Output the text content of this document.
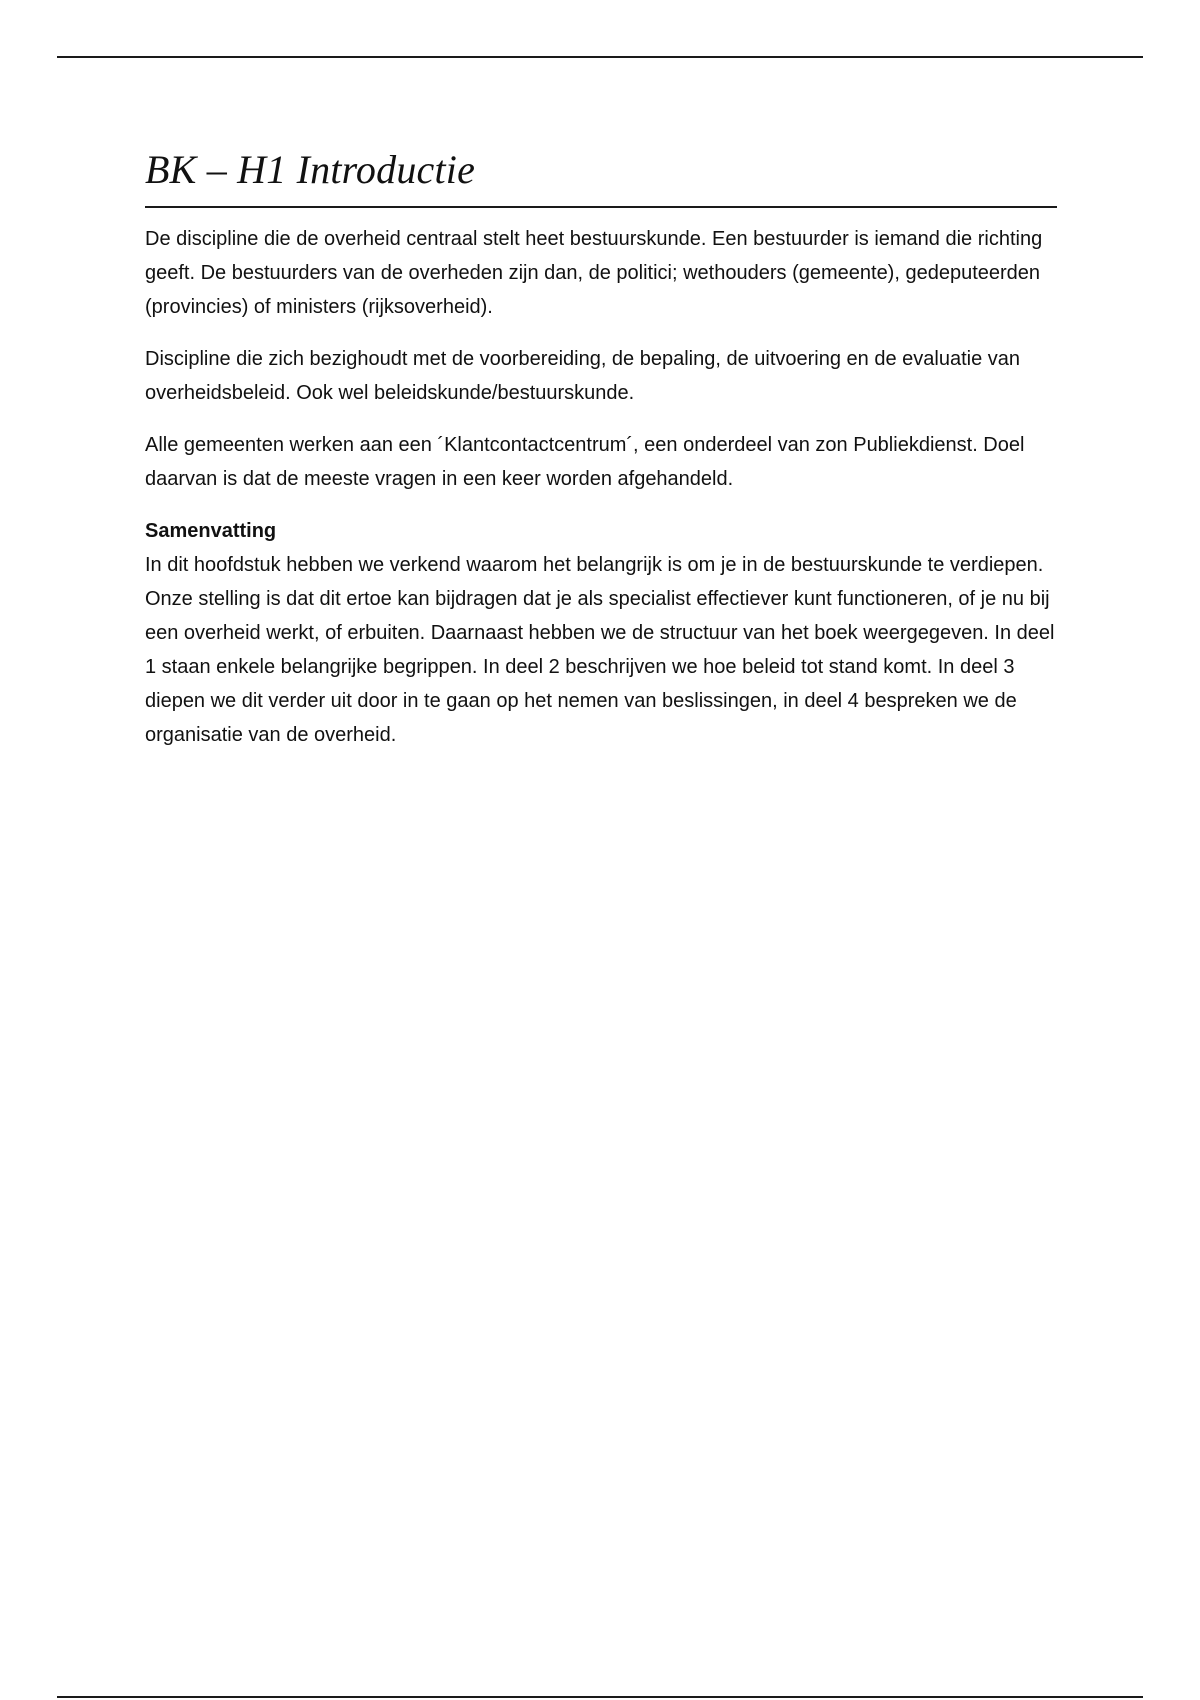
BK – H1 Introductie

De discipline die de overheid centraal stelt heet bestuurskunde. Een bestuurder is iemand die richting geeft. De bestuurders van de overheden zijn dan, de politici; wethouders (gemeente), gedeputeerden (provincies) of ministers (rijksoverheid).

Discipline die zich bezighoudt met de voorbereiding, de bepaling, de uitvoering en de evaluatie van overheidsbeleid. Ook wel beleidskunde/bestuurskunde.

Alle gemeenten werken aan een ´Klantcontactcentrum´, een onderdeel van zon Publiekdienst. Doel daarvan is dat de meeste vragen in een keer worden afgehandeld.

Samenvatting

In dit hoofdstuk hebben we verkend waarom het belangrijk is om je in de bestuurskunde te verdiepen. Onze stelling is dat dit ertoe kan bijdragen dat je als specialist effectiever kunt functioneren, of je nu bij een overheid werkt, of erbuiten. Daarnaast hebben we de structuur van het boek weergegeven. In deel 1 staan enkele belangrijke begrippen. In deel 2 beschrijven we hoe beleid tot stand komt. In deel 3 diepen we dit verder uit door in te gaan op het nemen van beslissingen, in deel 4 bespreken we de organisatie van de overheid.
